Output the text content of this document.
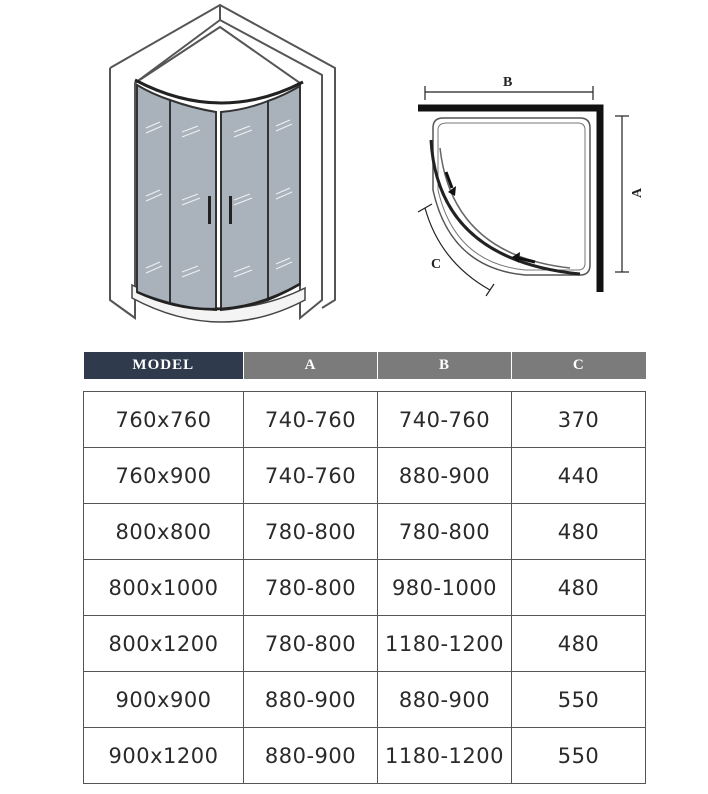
B
A
C
MODEL	A	B	C

760x760	740-760	740-760	370
760x900	740-760	880-900	440
800x800	780-800	780-800	480
800x1000	780-800	980-1000	480
800x1200	780-800	1180-1200	480
900x900	880-900	880-900	550
900x1200	880-900	1180-1200	550
